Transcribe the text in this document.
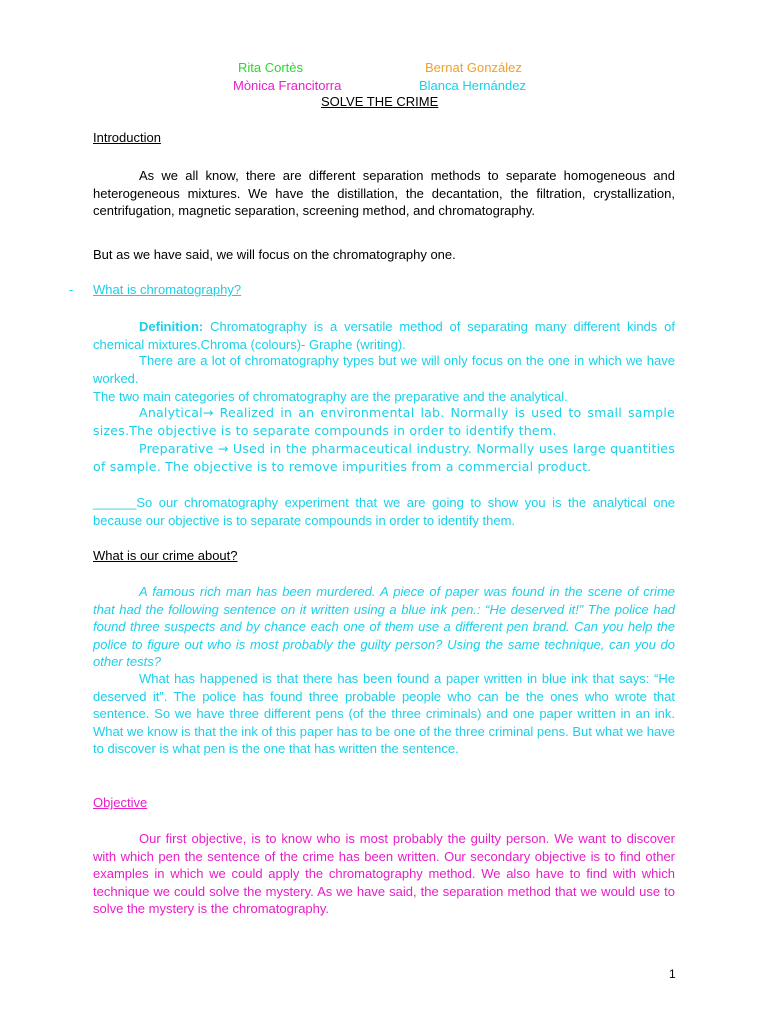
Rita Cortès	Bernat González
Mònica Francitorra	Blanca Hernández
SOLVE THE CRIME
Introduction
As we all know, there are different separation methods to separate homogeneous and heterogeneous mixtures. We have the distillation, the decantation, the filtration, crystallization, centrifugation, magnetic separation, screening method, and chromatography.
But as we have said, we will focus on the chromatography one.
- What is chromatography?
Definition: Chromatography is a versatile method of separating many different kinds of chemical mixtures.Chroma (colours)- Graphe (writing).
There are a lot of chromatography types but we will only focus on the one in which we have worked.
The two main categories of chromatography are the preparative and the analytical.
Analytical→ Realized in an environmental lab. Normally is used to small sample sizes.The objective is to separate compounds in order to identify them.
Preparative → Used in the pharmaceutical industry. Normally uses large quantities of sample. The objective is to remove impurities from a commercial product.
______So our chromatography experiment that we are going to show you is the analytical one because our objective is to separate compounds in order to identify them.
What is our crime about?
A famous rich man has been murdered. A piece of paper was found in the scene of crime that had the following sentence on it written using a blue ink pen.: “He deserved it!” The police had found three suspects and by chance each one of them use a different pen brand. Can you help the police to figure out who is most probably the guilty person? Using the same technique, can you do other tests?
What has happened is that there has been found a paper written in blue ink that says: “He deserved it”. The police has found three probable people who can be the ones who wrote that sentence. So we have three different pens (of the three criminals) and one paper written in an ink. What we know is that the ink of this paper has to be one of the three criminal pens. But what we have to discover is what pen is the one that has written the sentence.
Objective
Our first objective, is to know who is most probably the guilty person. We want to discover with which pen the sentence of the crime has been written. Our secondary objective is to find other examples in which we could apply the chromatography method. We also have to find with which technique we could solve the mystery. As we have said, the separation method that we would use to solve the mystery is the chromatography.
1
